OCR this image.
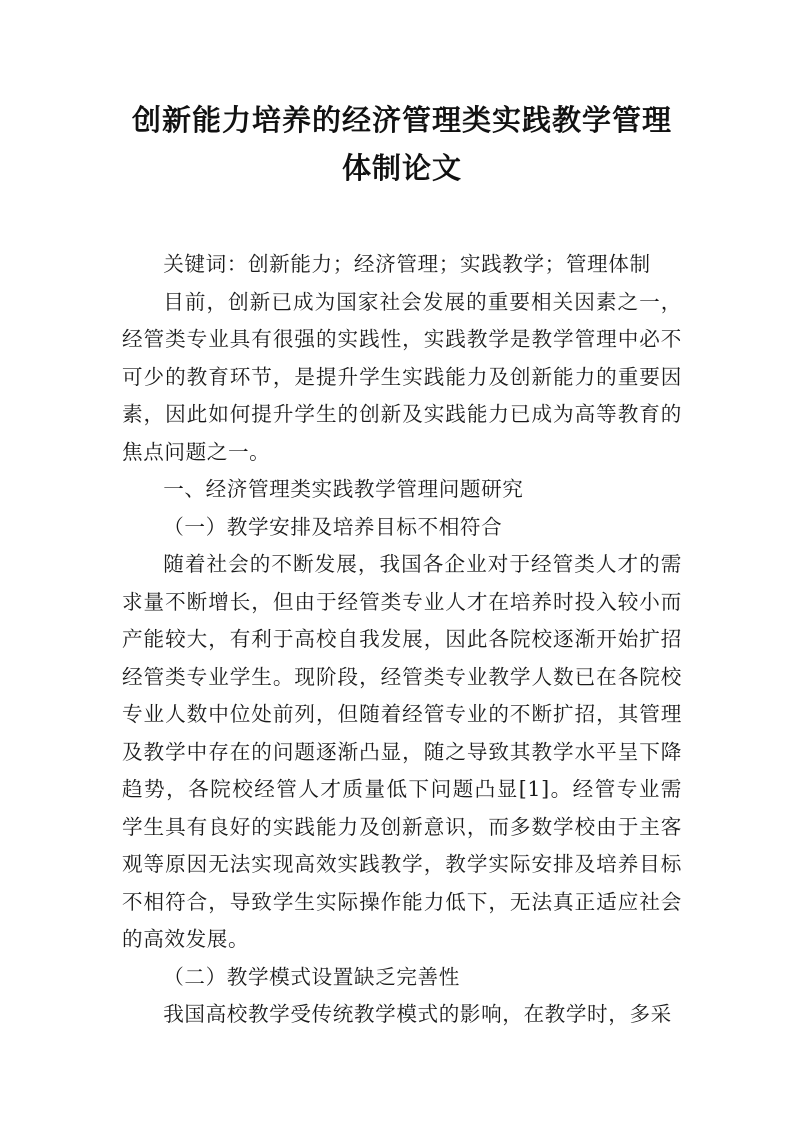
创新能力培养的经济管理类实践教学管理
体制论文

关键词：创新能力；经济管理；实践教学；管理体制

目前，创新已成为国家社会发展的重要相关因素之一，经管类专业具有很强的实践性，实践教学是教学管理中必不可少的教育环节，是提升学生实践能力及创新能力的重要因素，因此如何提升学生的创新及实践能力已成为高等教育的焦点问题之一。

一、经济管理类实践教学管理问题研究

（一）教学安排及培养目标不相符合

随着社会的不断发展，我国各企业对于经管类人才的需求量不断增长，但由于经管类专业人才在培养时投入较小而产能较大，有利于高校自我发展，因此各院校逐渐开始扩招经管类专业学生。现阶段，经管类专业教学人数已在各院校专业人数中位处前列，但随着经管专业的不断扩招，其管理及教学中存在的问题逐渐凸显，随之导致其教学水平呈下降趋势，各院校经管人才质量低下问题凸显[1]。经管专业需学生具有良好的实践能力及创新意识，而多数学校由于主客观等原因无法实现高效实践教学，教学实际安排及培养目标不相符合，导致学生实际操作能力低下，无法真正适应社会的高效发展。

（二）教学模式设置缺乏完善性

我国高校教学受传统教学模式的影响，在教学时，多采
